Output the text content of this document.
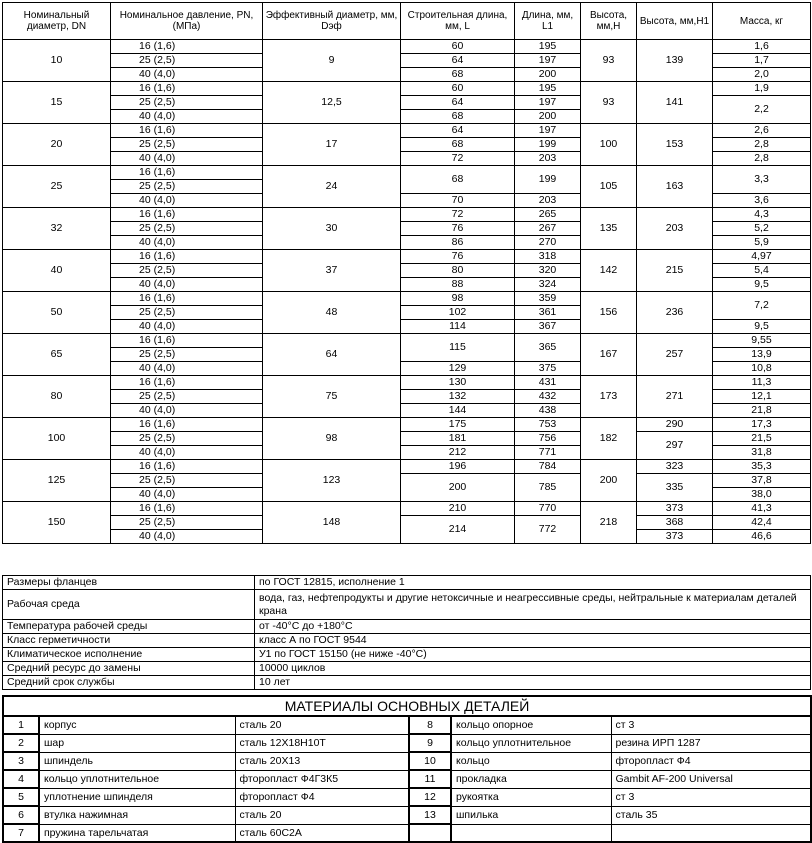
Номинальный диаметр, DN	Номинальное давление, PN,(МПа)	Эффективный диаметр, мм, Dэф	Строительная длина, мм, L	Длина, мм, L1	Высота, мм,H	Высота, мм,H1	Масса, кг
10	16 (1,6)	9	60	195	93	139	1,6
	25 (2,5)		64	197			1,7
	40 (4,0)		68	200			2,0
15	16 (1,6)	12,5	60	195	93	141	1,9
	25 (2,5)		64	197			2,2
	40 (4,0)		68	200			
20	16 (1,6)	17	64	197	100	153	2,6
	25 (2,5)		68	199			2,8
	40 (4,0)		72	203			2,8
25	16 (1,6)	24	68	199	105	163	3,3
	25 (2,5)						
	40 (4,0)		70	203			3,6
32	16 (1,6)	30	72	265	135	203	4,3
	25 (2,5)		76	267			5,2
	40 (4,0)		86	270			5,9
40	16 (1,6)	37	76	318	142	215	4,97
	25 (2,5)		80	320			5,4
	40 (4,0)		88	324			9,5
50	16 (1,6)	48	98	359	156	236	7,2
	25 (2,5)		102	361			
	40 (4,0)		114	367			9,5
65	16 (1,6)	64	115	365	167	257	9,55
	25 (2,5)						13,9
	40 (4,0)		129	375			10,8
80	16 (1,6)	75	130	431	173	271	11,3
	25 (2,5)		132	432			12,1
	40 (4,0)		144	438			21,8
100	16 (1,6)	98	175	753	182	290	17,3
	25 (2,5)		181	756		297	21,5
	40 (4,0)		212	771			31,8
125	16 (1,6)	123	196	784	200	323	35,3
	25 (2,5)		200	785		335	37,8
	40 (4,0)						38,0
150	16 (1,6)	148	210	770	218	373	41,3
	25 (2,5)		214	772		368	42,4
	40 (4,0)					373	46,6
Размеры фланцев	по ГОСТ 12815, исполнение 1
Рабочая среда	вода, газ, нефтепродукты и другие нетоксичные и неагрессивные среды, нейтральные к материалам деталей крана
Температура рабочей среды	от -40°С до +180°С
Класс герметичности	класс А по ГОСТ 9544
Климатическое исполнение	У1 по ГОСТ 15150 (не ниже -40°С)
Средний ресурс до замены	10000 циклов
Средний срок службы	10 лет
МАТЕРИАЛЫ ОСНОВНЫХ ДЕТАЛЕЙ					
1	корпус	сталь 20	8	кольцо опорное	ст 3
2	шар	сталь 12Х18Н10Т	9	кольцо уплотнительное	резина ИРП 1287
3	шпиндель	сталь 20Х13	10	кольцо	фторопласт Ф4
4	кольцо уплотнительное	фторопласт Ф4Г3К5	11	прокладка	Gambit AF-200 Universal
5	уплотнение шпинделя	фторопласт Ф4	12	рукоятка	ст 3
6	втулка нажимная	сталь 20	13	шпилька	сталь 35
7	пружина тарельчатая	сталь 60С2А			
